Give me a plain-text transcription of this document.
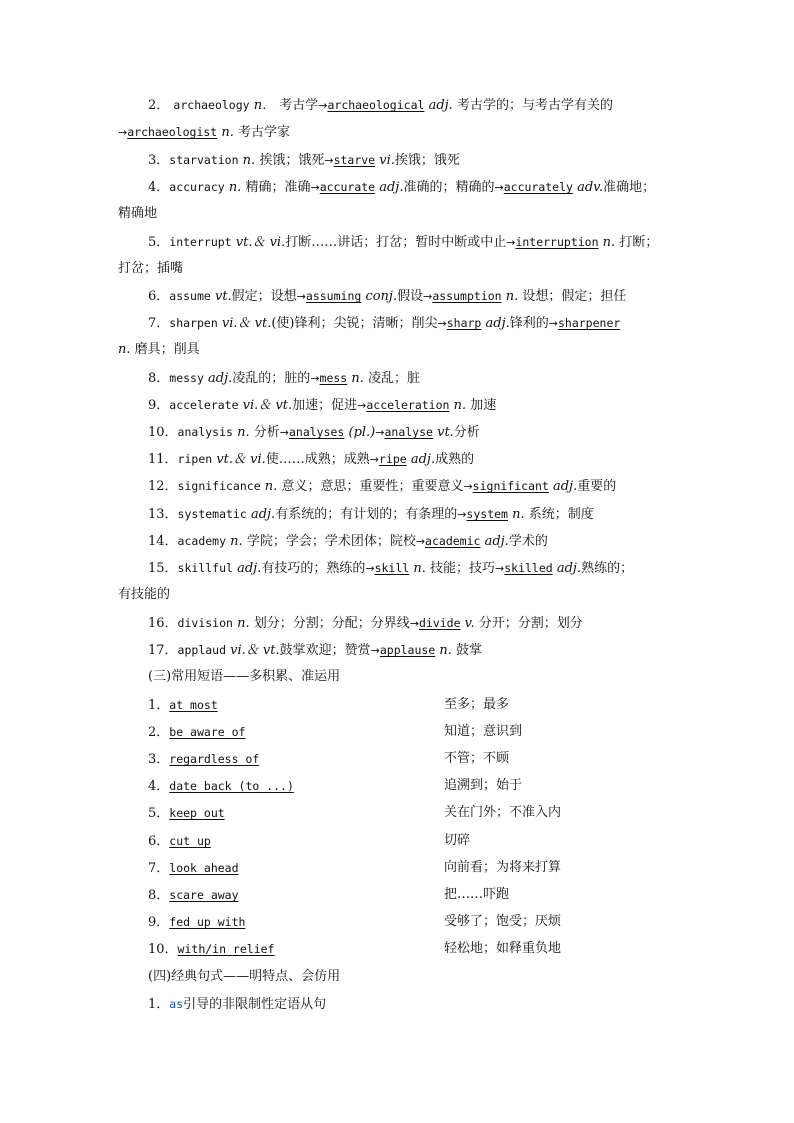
2． archaeology n． 考古学→archaeological adj. 考古学的；与考古学有关的
→archaeologist n. 考古学家
3．starvation n. 挨饿；饿死→starve vi.挨饿；饿死
4．accuracy n. 精确；准确→accurate adj.准确的；精确的→accurately adv.准确地；
精确地
5．interrupt vt.＆ vi.打断……讲话；打岔；暂时中断或中止→interruption n. 打断；
打岔；插嘴
6．assume vt.假定；设想→assuming conj.假设→assumption n. 设想；假定；担任
7．sharpen vi.＆ vt.(使)锋利；尖锐；清晰；削尖→sharp adj.锋利的→sharpener
n. 磨具；削具
8．messy adj.凌乱的；脏的→mess n. 凌乱；脏
9．accelerate vi.＆ vt.加速；促进→acceleration n. 加速
10．analysis n. 分析→analyses (pl.)→analyse vt.分析
11．ripen vt.＆ vi.使……成熟；成熟→ripe adj.成熟的
12．significance n. 意义；意思；重要性；重要意义→significant adj.重要的
13．systematic adj.有系统的；有计划的；有条理的→system n. 系统；制度
14．academy n. 学院；学会；学术团体；院校→academic adj.学术的
15．skillful adj.有技巧的；熟练的→skill n. 技能；技巧→skilled adj.熟练的；
有技能的
16．division n. 划分；分割；分配；分界线→divide v. 分开；分割；划分
17．applaud vi.＆ vt.鼓掌欢迎；赞赏→applause n. 鼓掌
(三)常用短语——多积累、准运用
1．at most	至多；最多
2．be aware of	知道；意识到
3．regardless of	不管；不顾
4．date back (to ...)	追溯到；始于
5．keep out	关在门外；不准入内
6．cut up	切碎
7．look ahead	向前看；为将来打算
8．scare away	把……吓跑
9．fed up with	受够了；饱受；厌烦
10．with/in relief	轻松地；如释重负地
(四)经典句式——明特点、会仿用
1．as引导的非限制性定语从句
